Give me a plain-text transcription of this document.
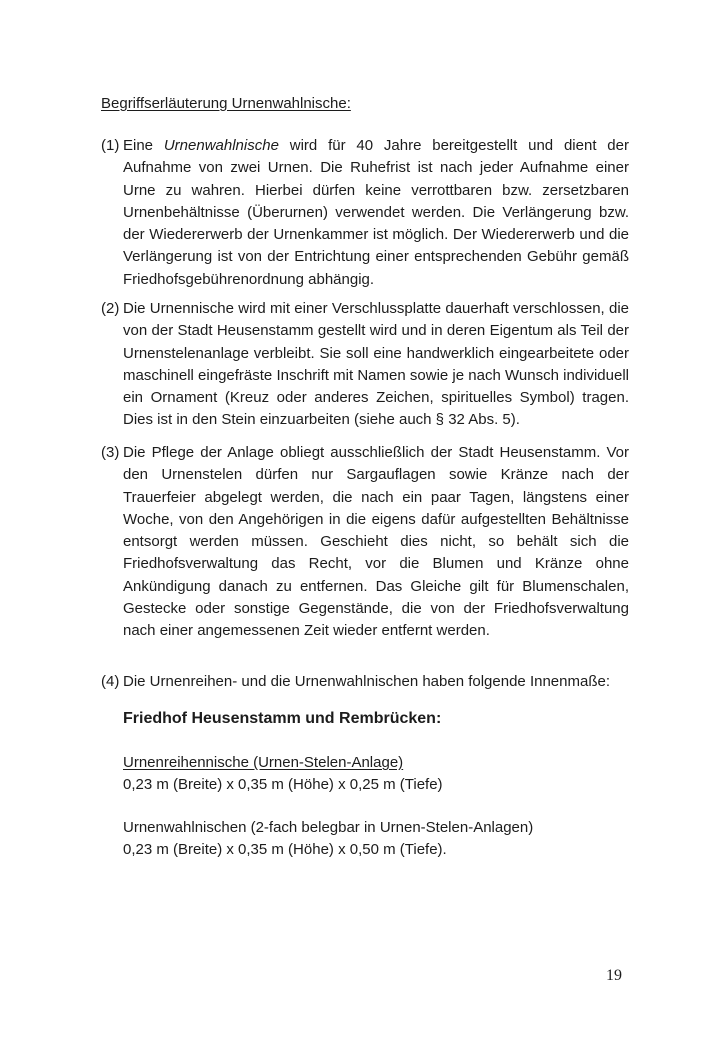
Begriffserläuterung Urnenwahlnische:
(1) Eine Urnenwahlnische wird für 40 Jahre bereitgestellt und dient der Aufnahme von zwei Urnen. Die Ruhefrist ist nach jeder Aufnahme einer Urne zu wahren. Hierbei dürfen keine verrottbaren bzw. zersetzbaren Urnenbehältnisse (Überurnen) verwendet werden. Die Verlängerung bzw. der Wiedererwerb der Urnenkammer ist möglich. Der Wiedererwerb und die Verlängerung ist von der Entrichtung einer entsprechenden Gebühr gemäß Friedhofsgebührenordnung abhängig.
(2) Die Urnennische wird mit einer Verschlussplatte dauerhaft verschlossen, die von der Stadt Heusenstamm gestellt wird und in deren Eigentum als Teil der Urnenstelenanlage verbleibt. Sie soll eine handwerklich eingearbeitete oder maschinell eingefräste Inschrift mit Namen sowie je nach Wunsch individuell ein Ornament (Kreuz oder anderes Zeichen, spirituelles Symbol) tragen. Dies ist in den Stein einzuarbeiten (siehe auch § 32 Abs. 5).
(3) Die Pflege der Anlage obliegt ausschließlich der Stadt Heusenstamm. Vor den Urnenstelen dürfen nur Sargauflagen sowie Kränze nach der Trauerfeier abgelegt werden, die nach ein paar Tagen, längstens einer Woche, von den Angehörigen in die eigens dafür aufgestellten Behältnisse entsorgt werden müssen. Geschieht dies nicht, so behält sich die Friedhofsverwaltung das Recht, vor die Blumen und Kränze ohne Ankündigung danach zu entfernen. Das Gleiche gilt für Blumenschalen, Gestecke oder sonstige Gegenstände, die von der Friedhofsverwaltung nach einer angemessenen Zeit wieder entfernt werden.
(4) Die Urnenreihen- und die Urnenwahlnischen haben folgende Innenmaße:
Friedhof Heusenstamm und Rembrücken:
Urnenreihennische (Urnen-Stelen-Anlage)
0,23 m (Breite) x 0,35 m (Höhe) x 0,25 m (Tiefe)
Urnenwahlnischen (2-fach belegbar in Urnen-Stelen-Anlagen)
0,23 m (Breite) x 0,35 m (Höhe) x 0,50 m (Tiefe).
19
